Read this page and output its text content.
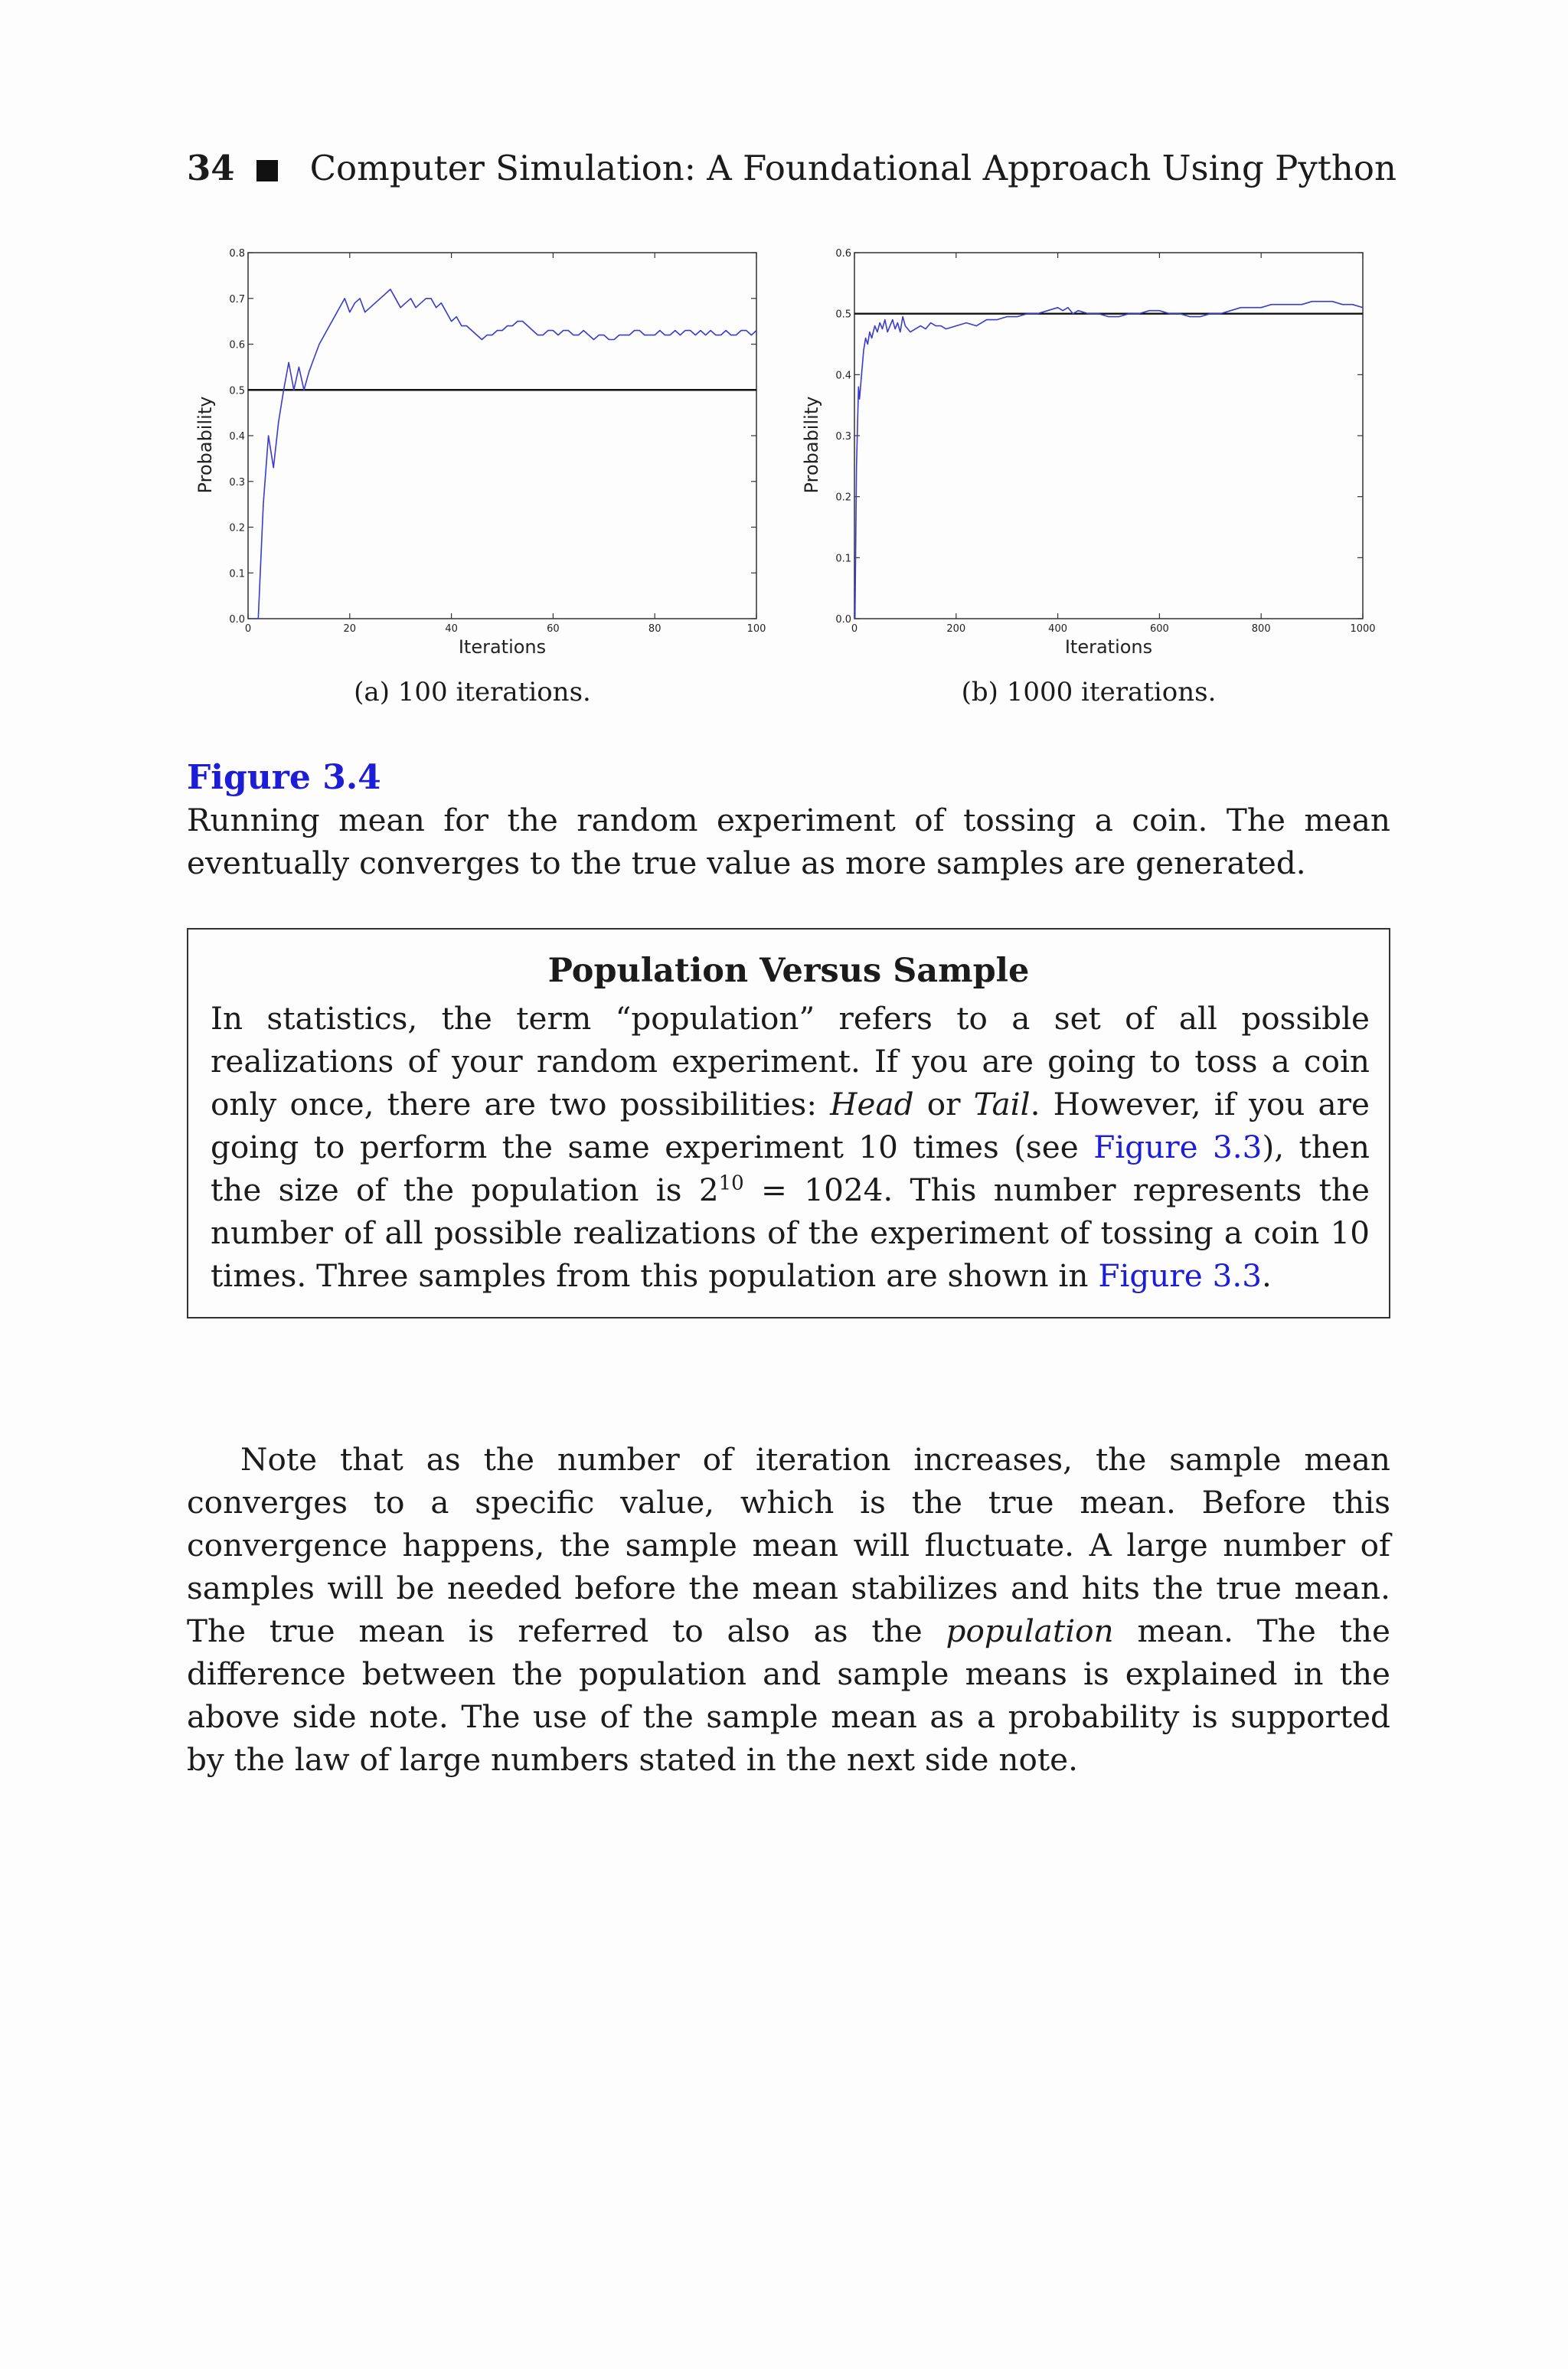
34 Computer Simulation: A Foundational Approach Using Python
0.0
0.1
0.2
0.3
0.4
0.5
0.6
0.7
0.8
0	20	40	60	80	100
Iterations
Probability
0.0
0.1
0.2
0.3
0.4
0.5
0.6
0	200	400	600	800	1000
Iterations
Probability
(a) 100 iterations.	(b) 1000 iterations.
Figure 3.4

Running mean for the random experiment of tossing a coin. The mean eventually converges to the true value as more samples are generated.

Population Versus Sample

In statistics, the term “population” refers to a set of all possible realizations of your random experiment. If you are going to toss a coin only once, there are two possibilities: Head or Tail. However, if you are going to perform the same experiment 10 times (see Figure 3.3), then the size of the population is $2^{10} = 1024$. This number represents the number of all possible realizations of the experiment of tossing a coin 10 times. Three samples from this population are shown in Figure 3.3.

Note that as the number of iteration increases, the sample mean converges to a specific value, which is the true mean. Before this convergence happens, the sample mean will fluctuate. A large number of samples will be needed before the mean stabilizes and hits the true mean. The true mean is referred to also as the population mean. The the difference between the population and sample means is explained in the above side note. The use of the sample mean as a probability is supported by the law of large numbers stated in the next side note.
